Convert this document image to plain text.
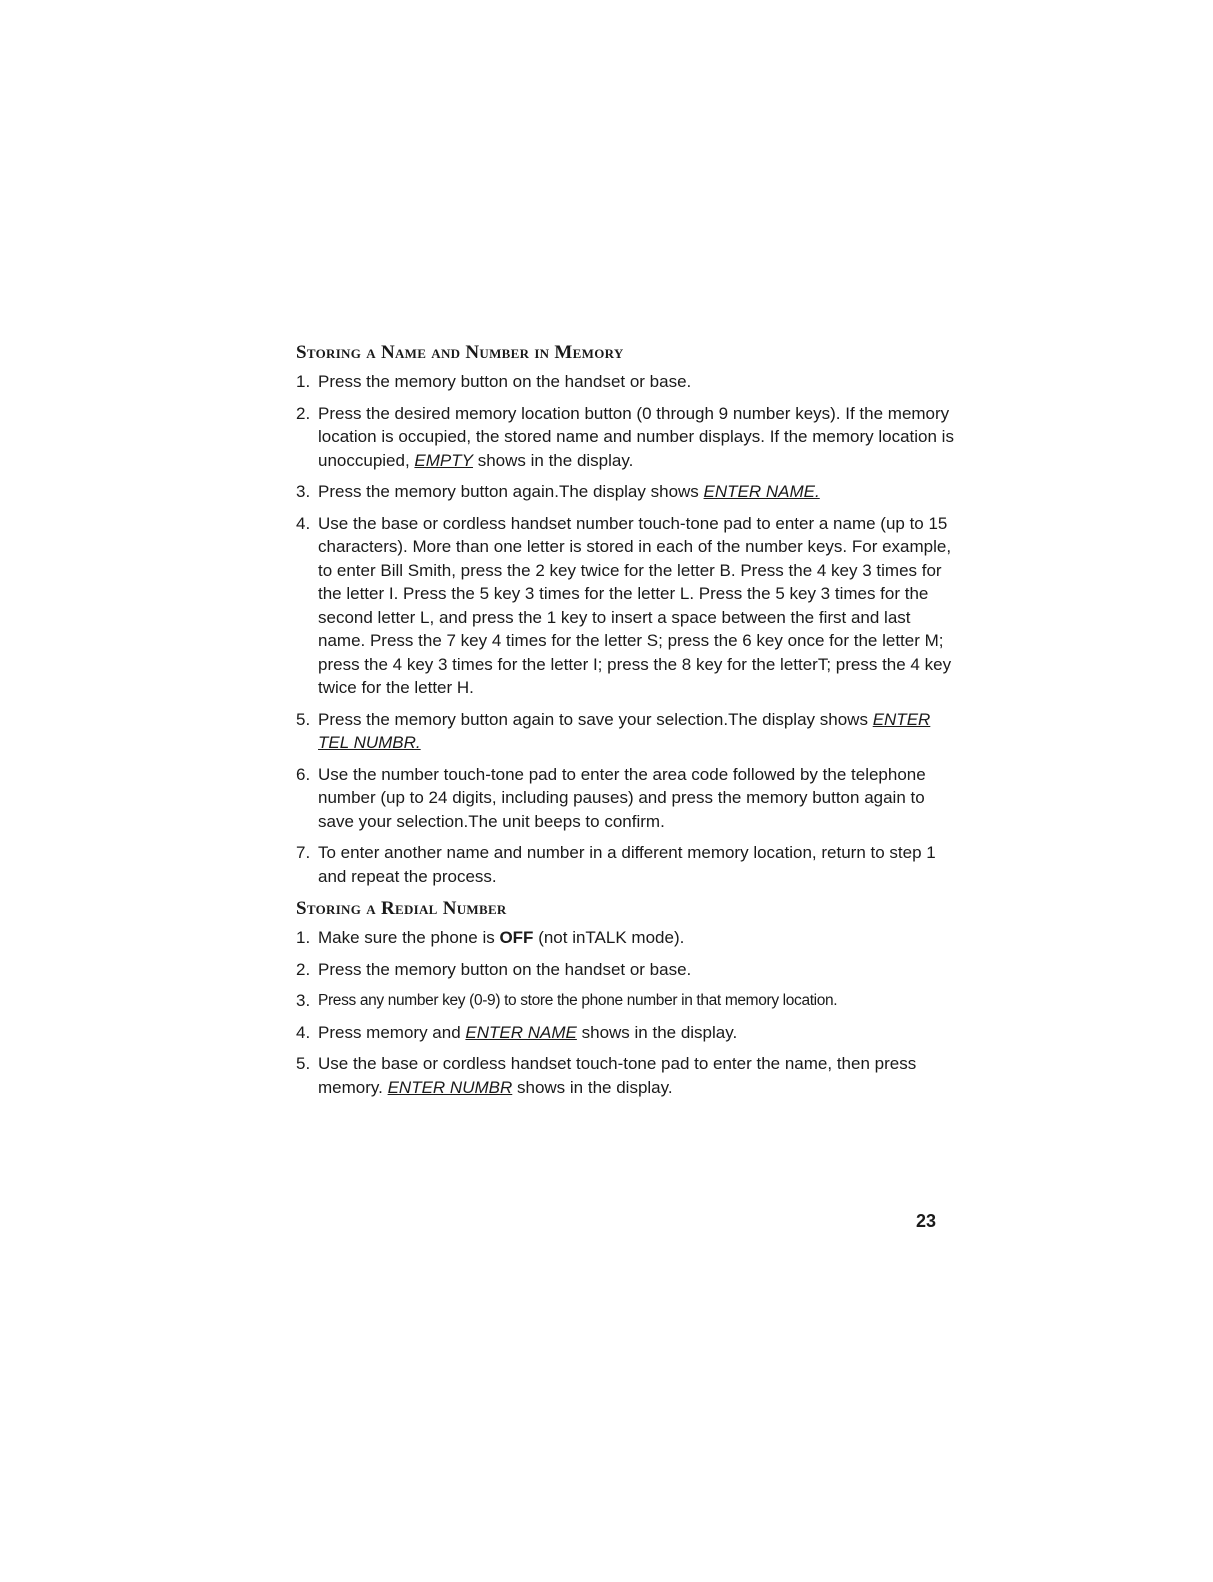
Storing a Name and Number in Memory
1. Press the memory button on the handset or base.
2. Press the desired memory location button (0 through 9 number keys). If the memory location is occupied, the stored name and number displays. If the memory location is unoccupied, EMPTY shows in the display.
3. Press the memory button again.The display shows ENTER NAME.
4. Use the base or cordless handset number touch-tone pad to enter a name (up to 15 characters). More than one letter is stored in each of the number keys. For example, to enter Bill Smith, press the 2 key twice for the letter B. Press the 4 key 3 times for the letter I. Press the 5 key 3 times for the letter L. Press the 5 key 3 times for the second letter L, and press the 1 key to insert a space between the first and last name. Press the 7 key 4 times for the letter S; press the 6 key once for the letter M; press the 4 key 3 times for the letter I; press the 8 key for the letterT; press the 4 key twice for the letter H.
5. Press the memory button again to save your selection.The display shows ENTER TEL NUMBR.
6. Use the number touch-tone pad to enter the area code followed by the telephone number (up to 24 digits, including pauses) and press the memory button again to save your selection.The unit beeps to confirm.
7. To enter another name and number in a different memory location, return to step 1 and repeat the process.
Storing a Redial Number
1. Make sure the phone is OFF (not inTALK mode).
2. Press the memory button on the handset or base.
3. Press any number key (0-9) to store the phone number in that memory location.
4. Press memory and ENTER NAME shows in the display.
5. Use the base or cordless handset touch-tone pad to enter the name, then press memory. ENTER NUMBR shows in the display.
23
